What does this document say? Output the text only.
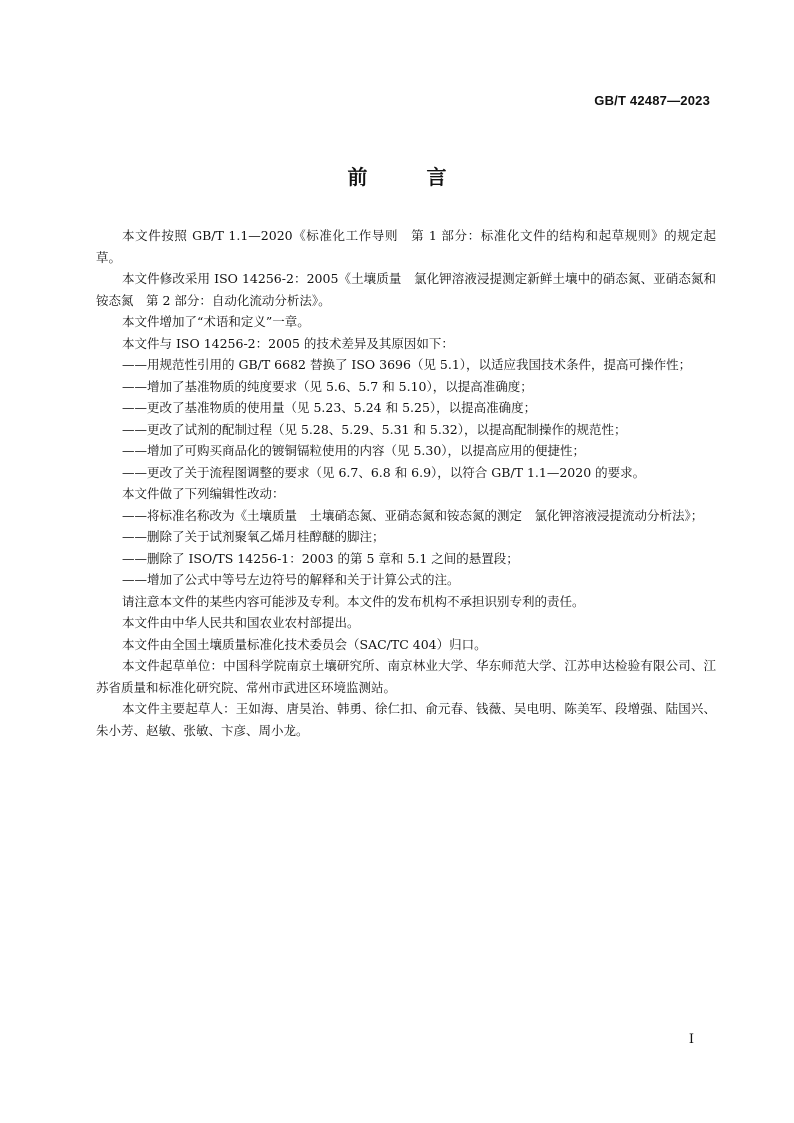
GB/T 42487—2023
前 言

本文件按照 GB/T 1.1—2020《标准化工作导则　第 1 部分：标准化文件的结构和起草规则》的规定起草。

本文件修改采用 ISO 14256-2：2005《土壤质量　氯化钾溶液浸提测定新鲜土壤中的硝态氮、亚硝态氮和铵态氮　第 2 部分：自动化流动分析法》。

本文件增加了“术语和定义”一章。

本文件与 ISO 14256-2：2005 的技术差异及其原因如下：

——用规范性引用的 GB/T 6682 替换了 ISO 3696（见 5.1），以适应我国技术条件，提高可操作性；

——增加了基准物质的纯度要求（见 5.6、5.7 和 5.10），以提高准确度；

——更改了基准物质的使用量（见 5.23、5.24 和 5.25），以提高准确度；

——更改了试剂的配制过程（见 5.28、5.29、5.31 和 5.32），以提高配制操作的规范性；

——增加了可购买商品化的镀铜镉粒使用的内容（见 5.30），以提高应用的便捷性；

——更改了关于流程图调整的要求（见 6.7、6.8 和 6.9），以符合 GB/T 1.1—2020 的要求。

本文件做了下列编辑性改动：

——将标准名称改为《土壤质量　土壤硝态氮、亚硝态氮和铵态氮的测定　氯化钾溶液浸提流动分析法》；

——删除了关于试剂聚氧乙烯月桂醇醚的脚注；

——删除了 ISO/TS 14256-1：2003 的第 5 章和 5.1 之间的悬置段；

——增加了公式中等号左边符号的解释和关于计算公式的注。

请注意本文件的某些内容可能涉及专利。本文件的发布机构不承担识别专利的责任。

本文件由中华人民共和国农业农村部提出。

本文件由全国土壤质量标准化技术委员会（SAC/TC 404）归口。

本文件起草单位：中国科学院南京土壤研究所、南京林业大学、华东师范大学、江苏申达检验有限公司、江苏省质量和标准化研究院、常州市武进区环境监测站。

本文件主要起草人：王如海、唐昊治、韩勇、徐仁扣、俞元春、钱薇、吴电明、陈美军、段增强、陆国兴、朱小芳、赵敏、张敏、卞彦、周小龙。

I
